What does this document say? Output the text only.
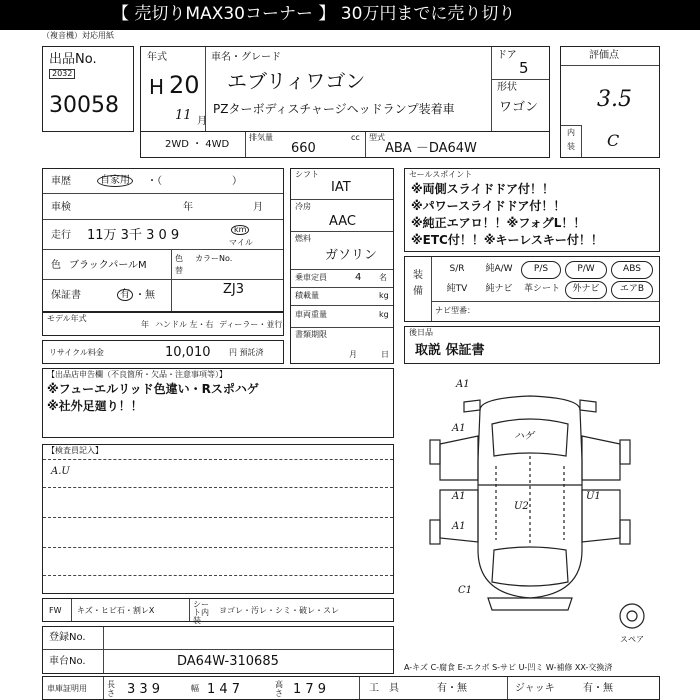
【 売切りMAX30コーナー 】 30万円までに売り切り
（複音機）対応用紙
出品No.
2032
30058
年式
H 20
11 月
車名・グレード
エブリィワゴン
PZターボディスチャージヘッドランプ装着車
ドア
5
形状
ワゴン
評価点
3.5
内
装 C
2WD ・ 4WD
排気量	cc
660
型式
ABA －DA64W
車歴	自家用	・（　　　　　　　）
車検	年	月
走行 11万 3千 3 0 9	km
マイル
色 ブラックパールM
色
替
カラーNo.
ZJ3
保証書	有 ・無
モデル年式
年 ハンドル 左・右 ディーラー・並行
リサイクル料金	10,010 円 預託済
シフト
IAT
冷房
AAC
燃料
ガソリン
乗車定員	4 名
積載量	kg
車両重量	kg
書類期限
月	日
セールスポイント
※両側スライドドア付！！
※パワースライドドア付！！
※純正エアロ！！※フォグL！！
※ETC付！！※キーレスキー付！！
装
備
S/R	純A/W	P/S	P/W	ABS
純TV	純ナビ	革シート	外ナビ	エアB
ナビ型番：
後日品
取説 保証書
【出品店申告欄（不良箇所・欠品・注意事項等）】
※フューエルリッド色違い・Rスポハゲ
※社外足廻り！！
【検査員記入】
A.U
A1
A1
ハゲ
A1
U2
U1
A1
C1
スペア
FW キズ・ヒビ石・割レX
シート内装
ヨゴレ・汚レ・シミ・破レ・スレ
登録No.
車台No.	DA64W-310685	A-キズ C-腐食 E-エクボ S-サビ U-凹ミ W-補修 XX-交換済
車庫証明用	長さ 3 3 9	幅 1 4 7	高さ 1 7 9	工具	有・無	ジャッキ	有・無
